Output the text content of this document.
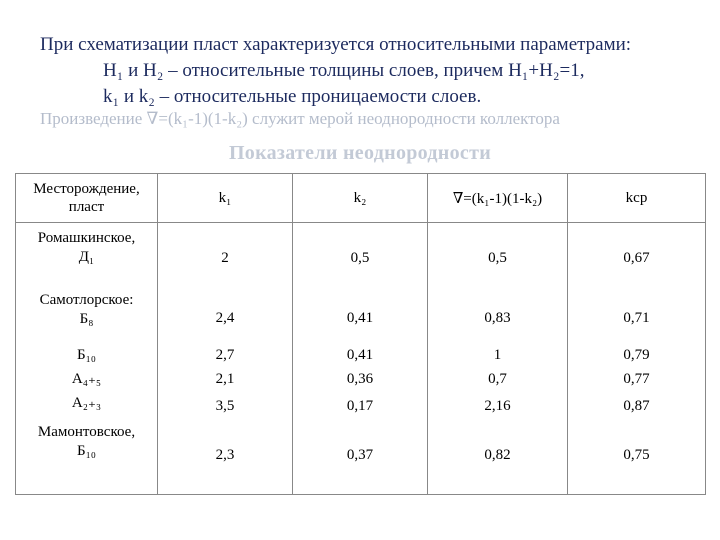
При схематизации пласт характеризуется относительными параметрами:
H₁ и H₂ – относительные толщины слоев, причем H₁+H₂=1,
k₁ и k₂ – относительные проницаемости слоев.
Произведение ∇=(k₁-1)(1-k₂) служит мерой неоднородности коллектора
Показатели неоднородности
Месторождение, пласт	k₁	k₂	∇=(k₁-1)(1-k₂)	kср

Ромашкинское,
Д₁	2	0,5	0,5	0,67

Самотлорское:
Б₈	2,4	0,41	0,83	0,71

Б₁₀	2,7	0,41	1	0,79

А₄₊₅	2,1	0,36	0,7	0,77

А₂₊₃	3,5	0,17	2,16	0,87

Мамонтовское,
Б₁₀	2,3	0,37	0,82	0,75
